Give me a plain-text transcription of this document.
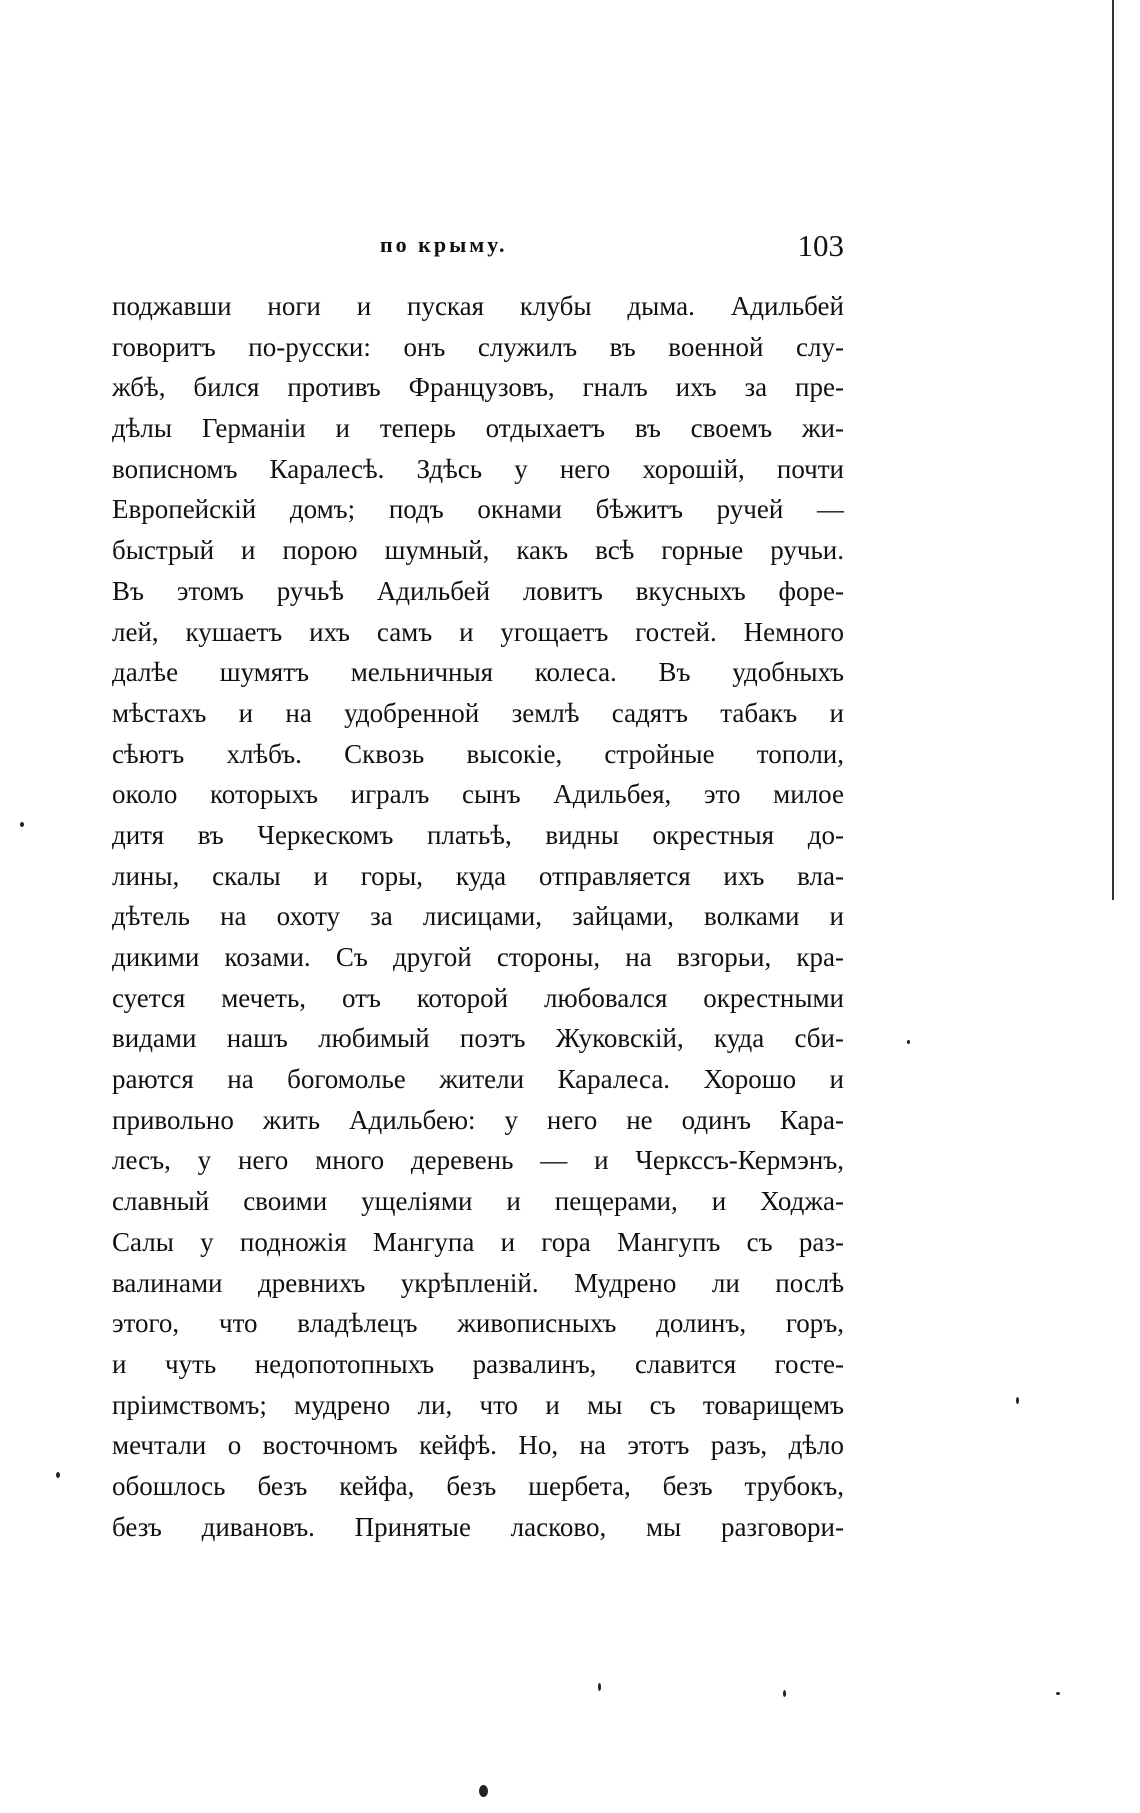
по крыму.	103
поджавши ноги и пуская клубы дыма. Адильбей
говоритъ по-русски: онъ служилъ въ военной слу-
жбѣ, бился противъ Французовъ, гналъ ихъ за пре-
дѣлы Германіи и теперь отдыхаетъ въ своемъ жи-
вописномъ Каралесѣ. Здѣсь у него хорошій, почти
Европейскій домъ; подъ окнами бѣжитъ ручей —
быстрый и порою шумный, какъ всѣ горные ручьи.
Въ этомъ ручьѣ Адильбей ловитъ вкусныхъ форе-
лей, кушаетъ ихъ самъ и угощаетъ гостей. Немного
далѣе шумятъ мельничныя колеса. Въ удобныхъ
мѣстахъ и на удобренной землѣ садятъ табакъ и
сѣютъ хлѣбъ. Сквозь высокіе, стройные тополи,
около которыхъ игралъ сынъ Адильбея, это милое
дитя въ Черкескомъ платьѣ, видны окрестныя до-
лины, скалы и горы, куда отправляется ихъ вла-
дѣтель на охоту за лисицами, зайцами, волками и
дикими козами. Съ другой стороны, на взгорьи, кра-
суется мечеть, отъ которой любовался окрестными
видами нашъ любимый поэтъ Жуковскій, куда сби-
раются на богомолье жители Каралеса. Хорошо и
привольно жить Адильбею: у него не одинъ Кара-
лесъ, у него много деревень — и Черкссъ-Кермэнъ,
славный своими ущеліями и пещерами, и Ходжа-
Салы у подножія Мангупа и гора Мангупъ съ раз-
валинами древнихъ укрѣпленій. Мудрено ли послѣ
этого, что владѣлецъ живописныхъ долинъ, горъ,
и чуть недопотопныхъ развалинъ, славится госте-
пріимствомъ; мудрено ли, что и мы съ товарищемъ
мечтали о восточномъ кейфѣ. Но, на этотъ разъ, дѣло
обошлось безъ кейфа, безъ шербета, безъ трубокъ,
безъ дивановъ. Принятые ласково, мы разговори-
